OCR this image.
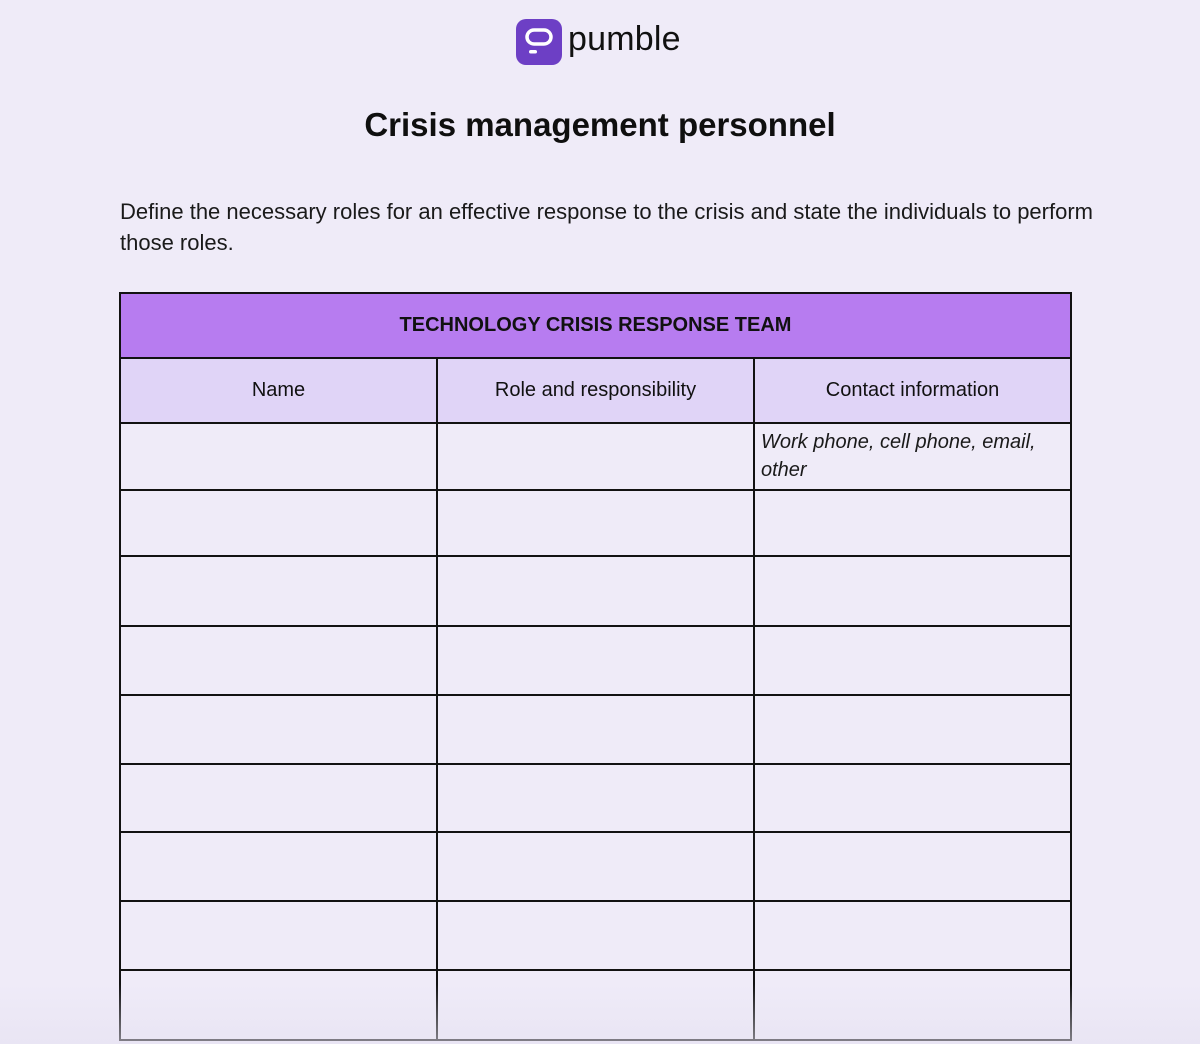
pumble
Crisis management personnel

Define the necessary roles for an effective response to the crisis and state the individuals to perform those roles.

TECHNOLOGY CRISIS RESPONSE TEAM		
Name	Role and responsibility	Contact information

		Work phone, cell phone, email, other
